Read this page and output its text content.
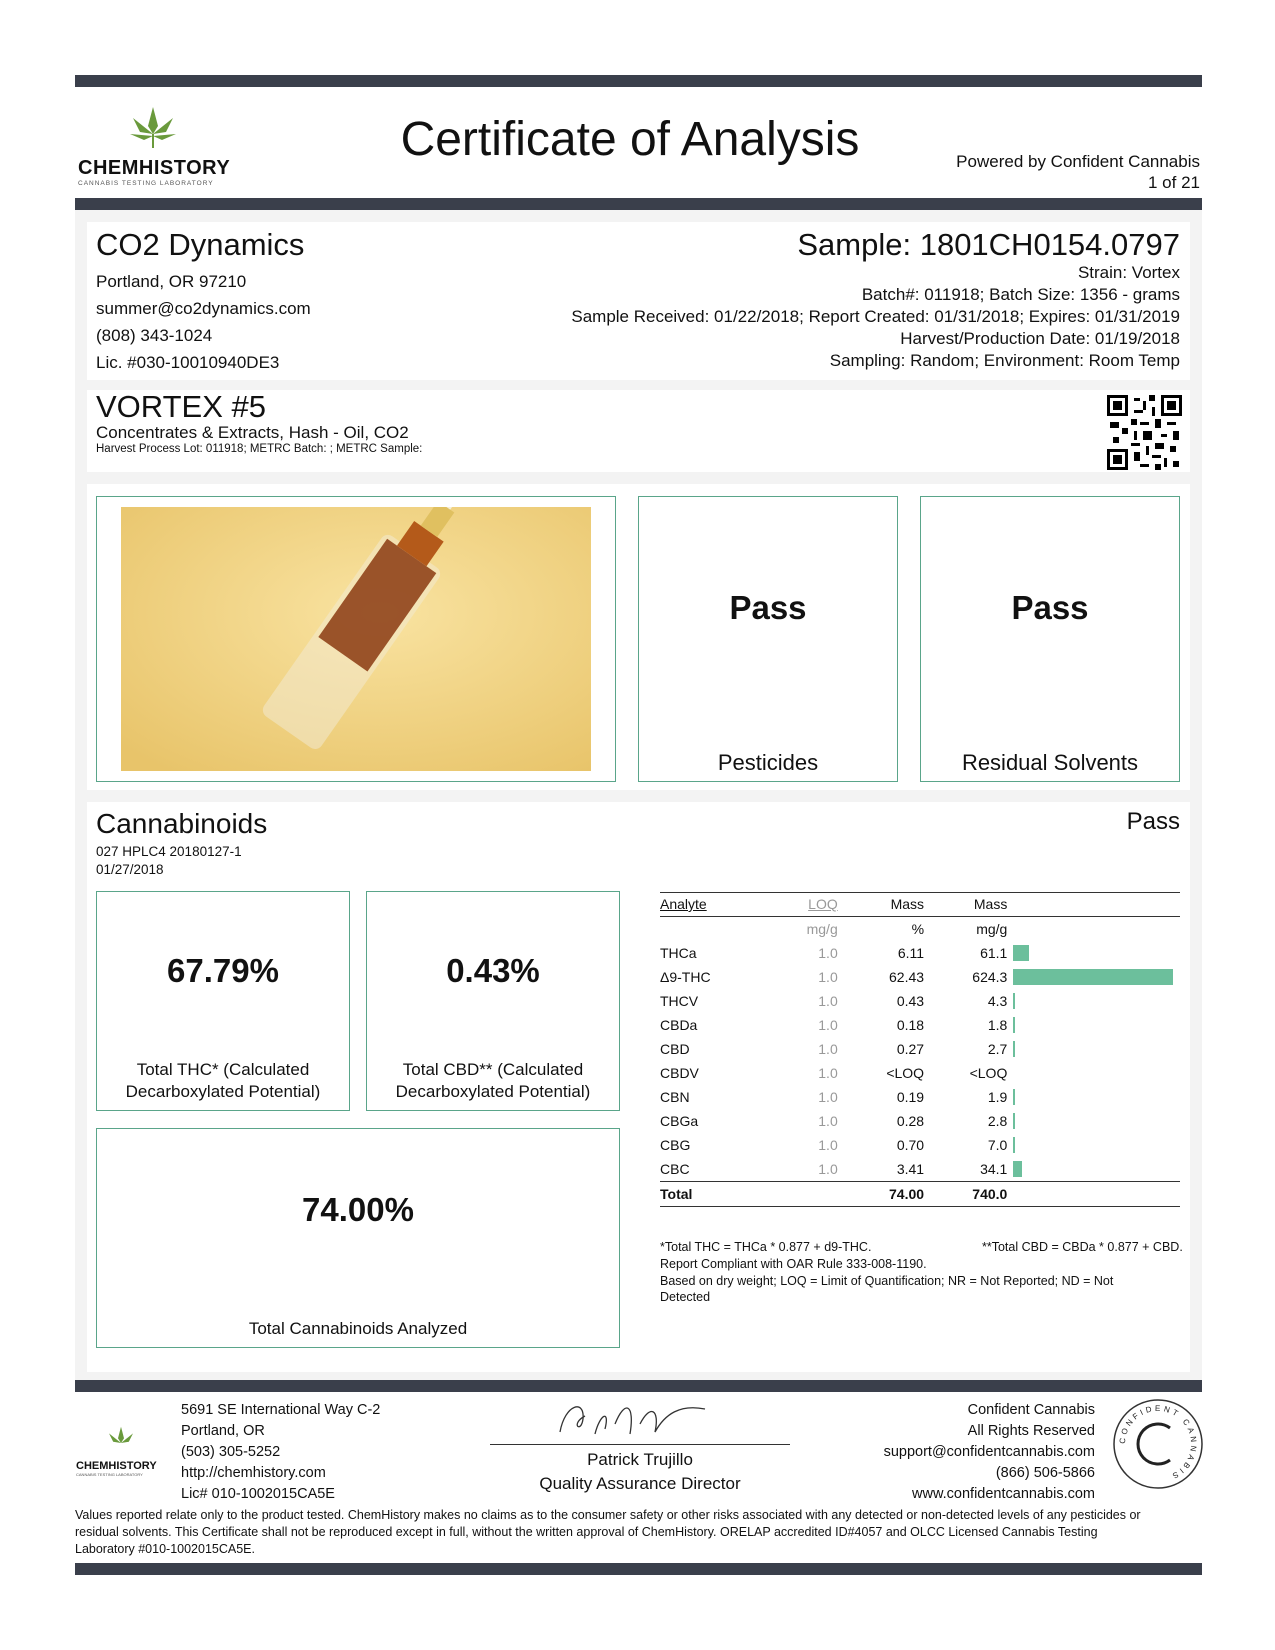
CHEMHISTORY
CANNABIS TESTING LABORATORY
Certificate of Analysis	Powered by Confident Cannabis
1 of 21
CO2 Dynamics
Portland, OR 97210
summer@co2dynamics.com
(808) 343-1024
Lic. #030-10010940DE3
Sample: 1801CH0154.0797
Strain: Vortex
Batch#: 011918; Batch Size: 1356 - grams
Sample Received: 01/22/2018; Report Created: 01/31/2018; Expires: 01/31/2019
Harvest/Production Date: 01/19/2018
Sampling: Random; Environment: Room Temp
VORTEX #5
Concentrates & Extracts, Hash - Oil, CO2
Harvest Process Lot: 011918; METRC Batch: ; METRC Sample:
Pass
Pesticides
Pass
Residual Solvents
Cannabinoids
027 HPLC4 20180127-1
01/27/2018
Pass
67.79%
Total THC* (Calculated
Decarboxylated Potential)
0.43%
Total CBD** (Calculated
Decarboxylated Potential)
74.00%
Total Cannabinoids Analyzed
Analyte	LOQ	Mass	Mass	
	mg/g	%	mg/g	
THCa	1.0	6.11	61.1	

Δ9-THC	1.0	62.43	624.3	

THCV	1.0	0.43	4.3	

CBDa	1.0	0.18	1.8	

CBD	1.0	0.27	2.7	

CBDV	1.0	<LOQ	<LOQ	
CBN	1.0	0.19	1.9	

CBGa	1.0	0.28	2.8	

CBG	1.0	0.70	7.0	

CBC	1.0	3.41	34.1	

Total		74.00	740.0	
*Total THC = THCa * 0.877 + d9-THC.	**Total CBD = CBDa * 0.877 + CBD.
Report Compliant with OAR Rule 333-008-1190.
Based on dry weight; LOQ = Limit of Quantification; NR = Not Reported; ND = Not
Detected
CHEMHISTORY
CANNABIS TESTING LABORATORY
5691 SE International Way C-2
Portland, OR
(503) 305-5252
http://chemhistory.com
Lic# 010-1002015CA5E
Patrick Trujillo
Quality Assurance Director
Confident Cannabis
All Rights Reserved
support@confidentcannabis.com
(866) 506-5866
www.confidentcannabis.com
CONFIDENT CANNABIS
Values reported relate only to the product tested. ChemHistory makes no claims as to the consumer safety or other risks associated with any detected or non-detected levels of any pesticides or
residual solvents. This Certificate shall not be reproduced except in full, without the written approval of ChemHistory. ORELAP accredited ID#4057 and OLCC Licensed Cannabis Testing
Laboratory #010-1002015CA5E.
